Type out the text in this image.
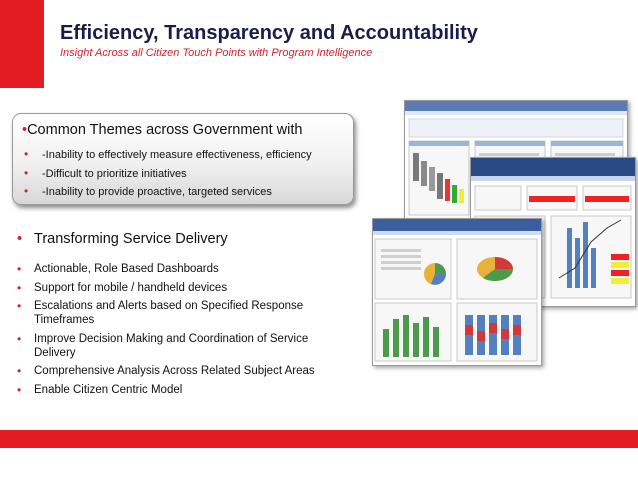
Efficiency, Transparency and Accountability
Insight Across all Citizen Touch Points with Program Intelligence
•Common Themes across Government with
• -Inability to effectively measure effectiveness, efficiency
• -Difficult to prioritize initiatives
• -Inability to provide proactive, targeted services
• Transforming Service Delivery
• Actionable, Role Based Dashboards
• Support for mobile / handheld devices
• Escalations and Alerts based on Specified Response Timeframes
• Improve Decision Making and Coordination of Service Delivery
• Comprehensive Analysis Across Related Subject Areas
• Enable Citizen Centric Model
